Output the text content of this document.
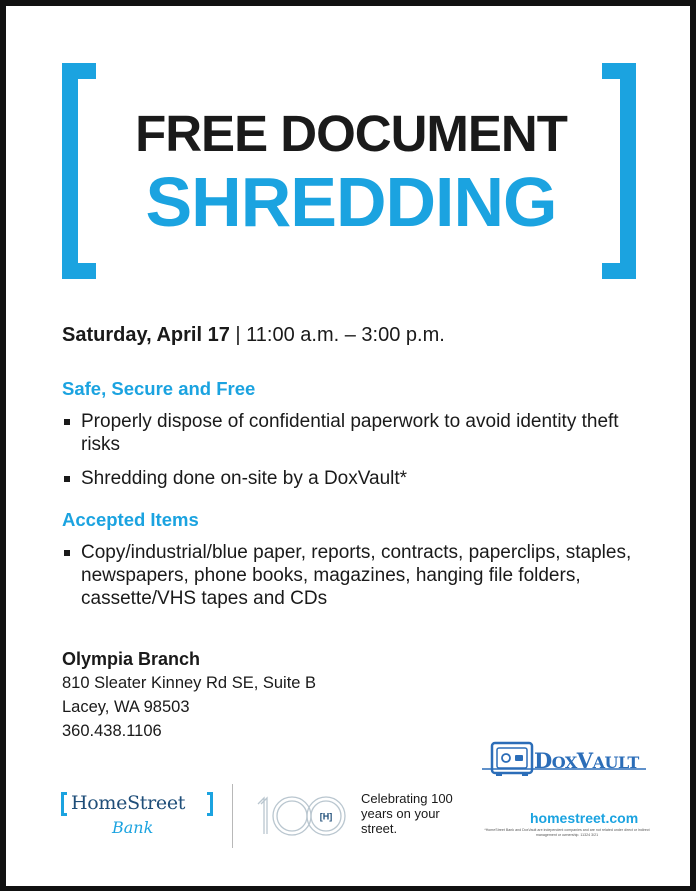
FREE DOCUMENT
SHREDDING
Saturday, April 17 | 11:00 a.m. – 3:00 p.m.
Safe, Secure and Free
Properly dispose of confidential paperwork to avoid identity theft risks
Shredding done on-site by a DoxVault*
Accepted Items
Copy/industrial/blue paper, reports, contracts, paperclips, staples, newspapers, phone books, magazines, hanging file folders, cassette/VHS tapes and CDs
Olympia Branch
810 Sleater Kinney Rd SE, Suite B
Lacey, WA 98503
360.438.1106
DOXVAULT
HomeStreet
Bank
[H]
Celebrating 100 years on your street.
homestreet.com
*HomeStreet Bank and DoxVault are independent companies and are not related under direct or indirect management or ownership. 11324 3/21
